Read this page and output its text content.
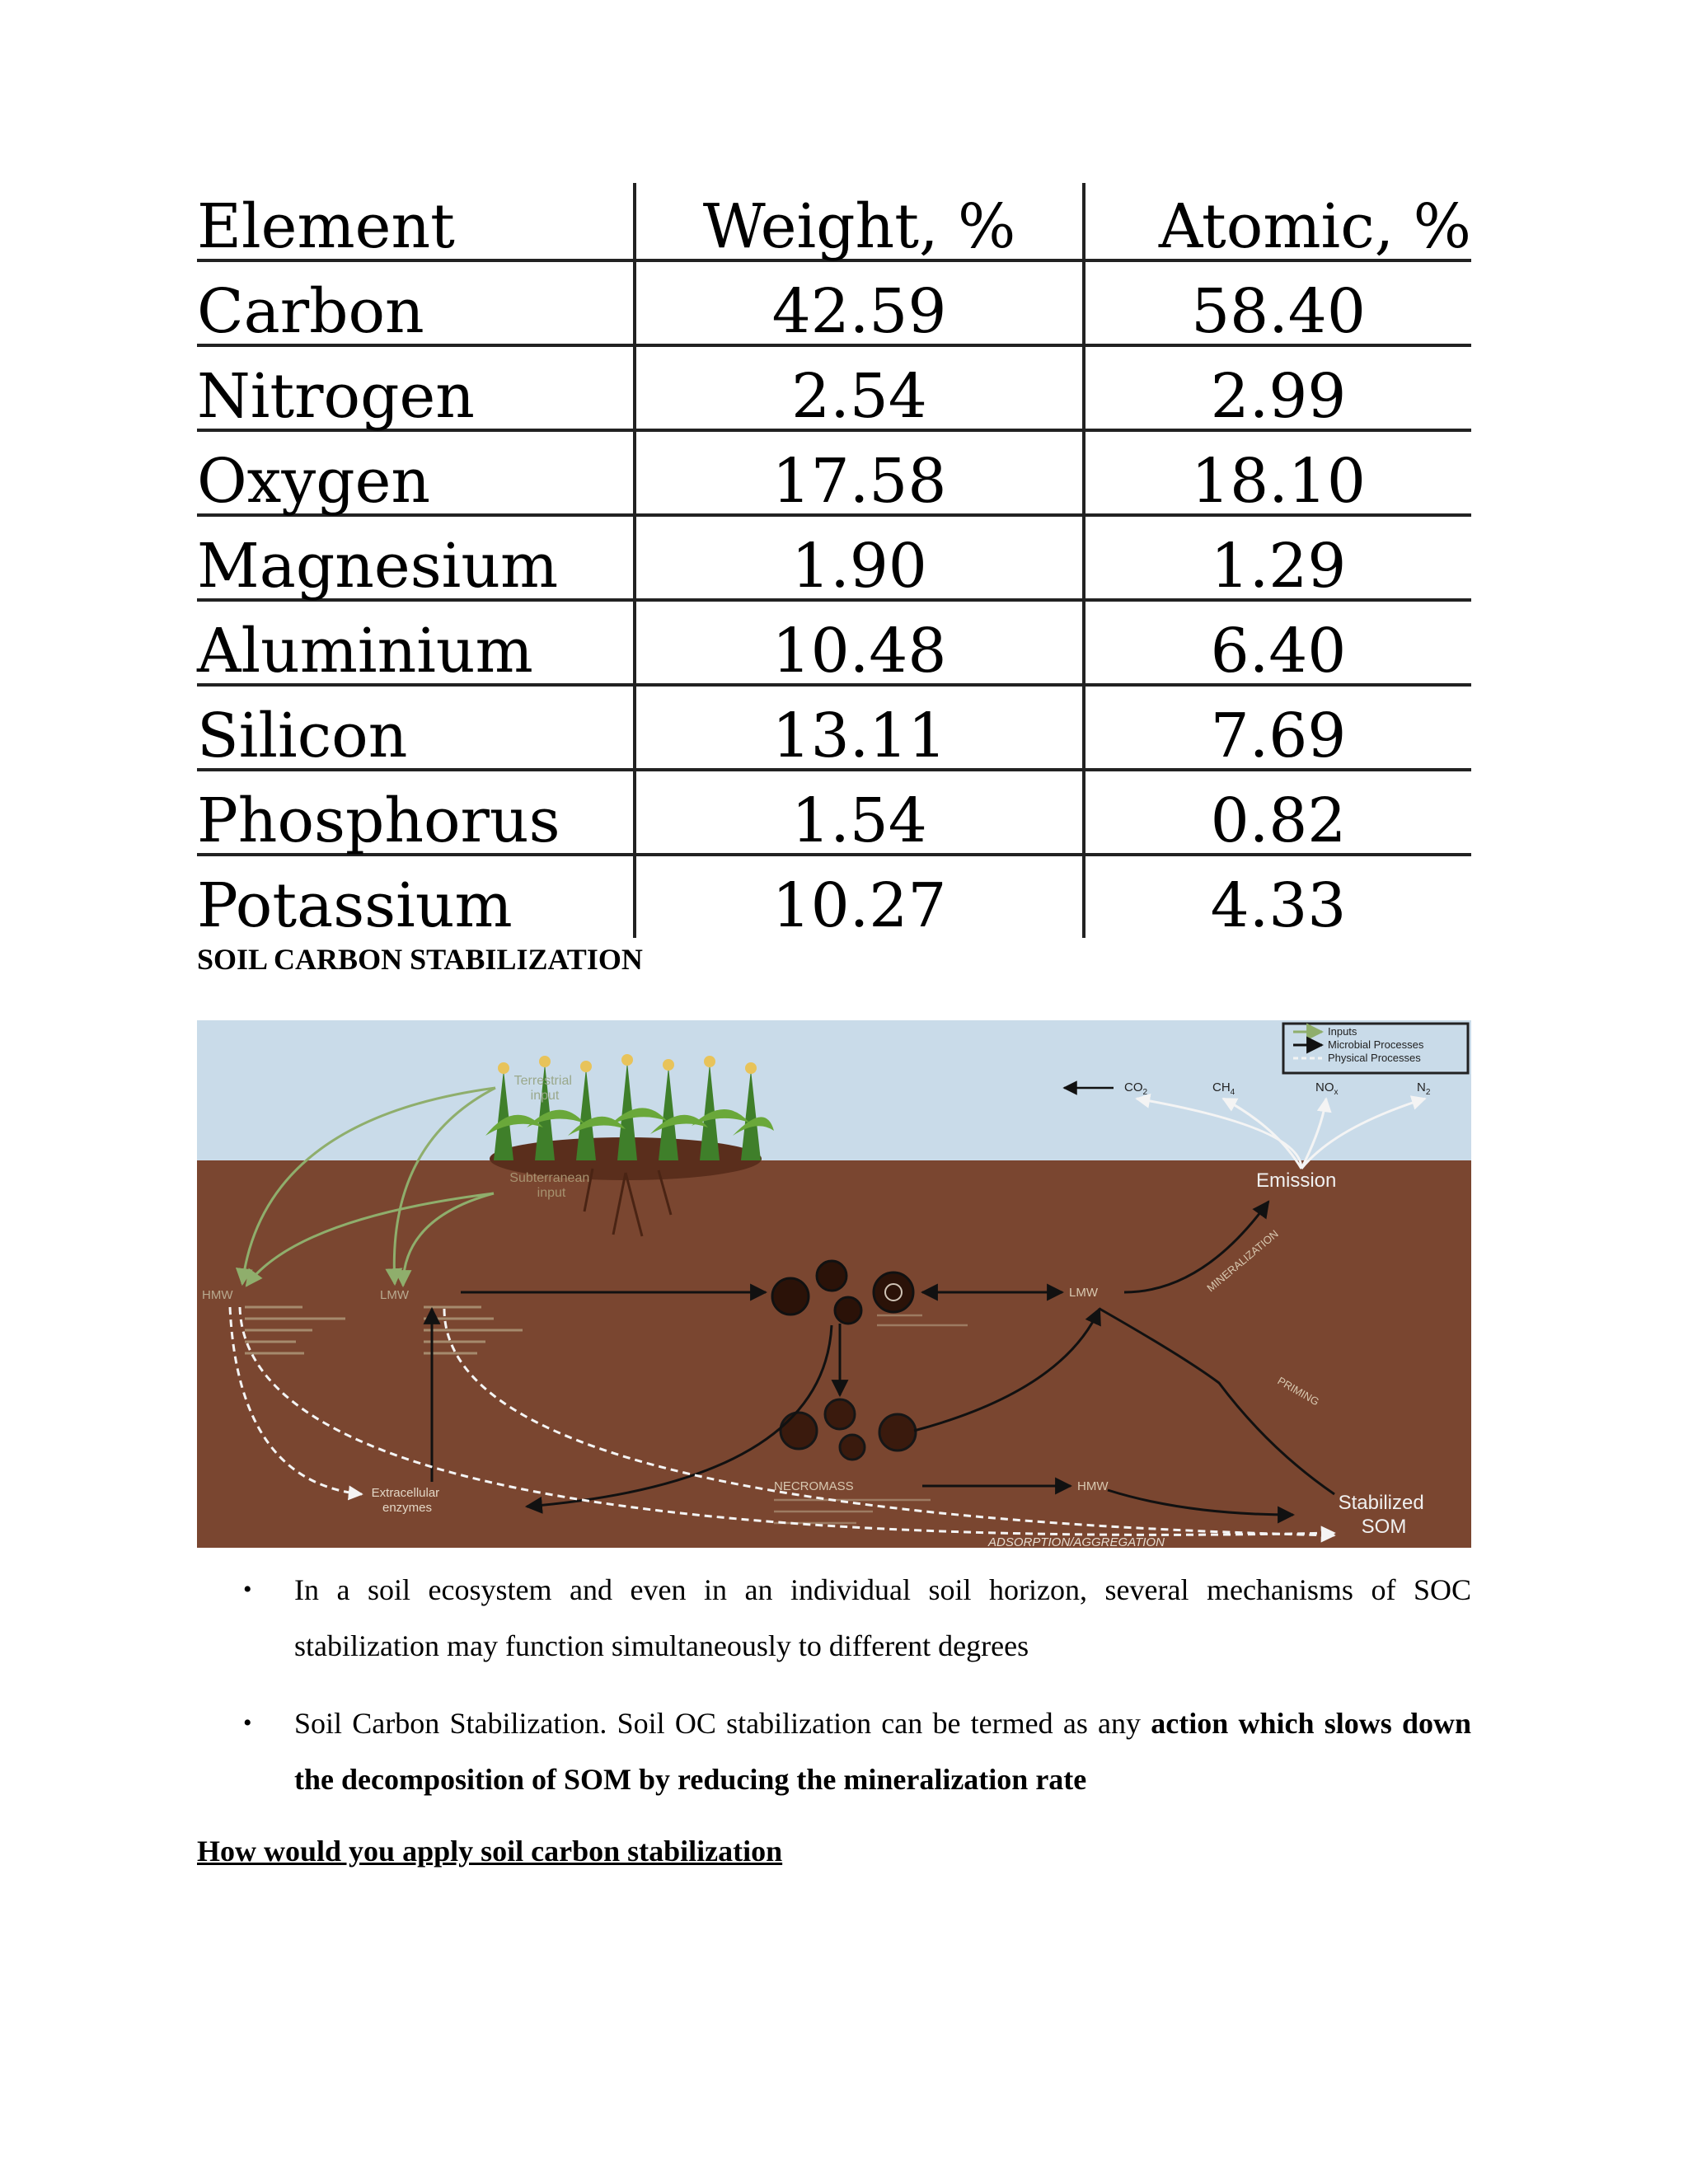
Element	Weight, %	Atomic, %
Carbon	42.59	58.40
Nitrogen	2.54	2.99
Oxygen	17.58	18.10
Magnesium	1.90	1.29
Aluminium	10.48	6.40
Silicon	13.11	7.69
Phosphorus	1.54	0.82
Potassium	10.27	4.33
SOIL CARBON STABILIZATION
Inputs
Microbial Processes
Physical Processes
$CO_2$	$CH_4$	$NO_x$	$N_2$
Emission
Terrestrial input
Subterranean input
HMW	LMW	LMW
HMW
MINERALIZATION
PRIMING
NECROMASS
Extracellular enzymes	Stabilized SOM
ADSORPTION/AGGREGATION
• In a soil ecosystem and even in an individual soil horizon, several mechanisms of SOC stabilization may function simultaneously to different degrees
• Soil Carbon Stabilization. Soil OC stabilization can be termed as any action which slows down the decomposition of SOM by reducing the mineralization rate

How would you apply soil carbon stabilization
